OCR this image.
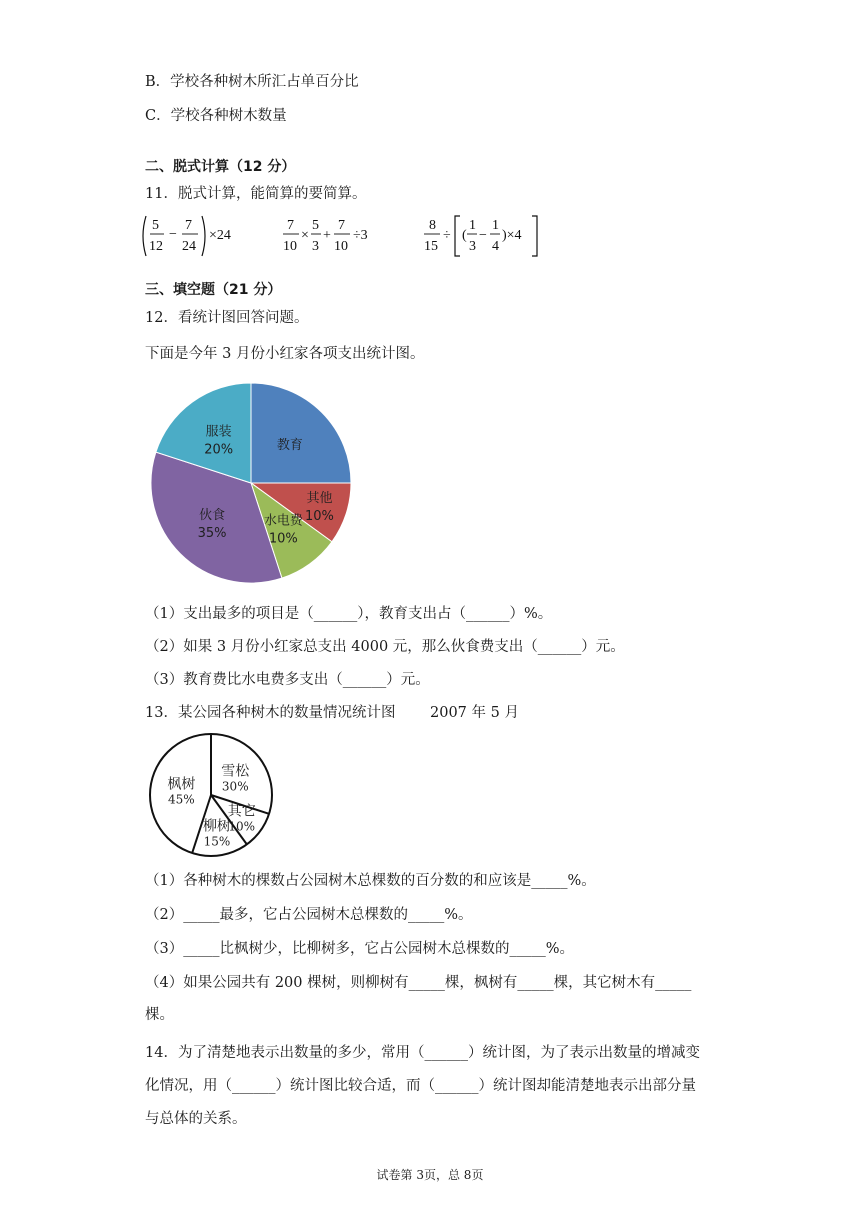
B．学校各种树木所汇占单百分比
C．学校各种树木数量
二、脱式计算（12 分）
11．脱式计算，能简算的要简算。
5
12
−
7
24
×24
7
10
×
5
3
+
7
10
÷3
8
15
÷ (
1
3
−
1
4
)×4
三、填空题（21 分）
12．看统计图回答问题。
下面是今年 3 月份小红家各项支出统计图。
教育
其他
10%
水电费
10%
伙食
35%
服装
20%
（1）支出最多的项目是（______），教育支出占（______）%。
（2）如果 3 月份小红家总支出 4000 元，那么伙食费支出（______）元。
（3）教育费比水电费多支出（______）元。
13．某公园各种树木的数量情况统计图 2007 年 5 月
雪松
30%
其它
10%
柳树
15%
枫树
45%
（1）各种树木的棵数占公园树木总棵数的百分数的和应该是_____%。
（2）_____最多，它占公园树木总棵数的_____%。
（3）_____比枫树少，比柳树多，它占公园树木总棵数的_____%。
（4）如果公园共有 200 棵树，则柳树有_____棵，枫树有_____棵，其它树木有_____
棵。
14．为了清楚地表示出数量的多少，常用（______）统计图，为了表示出数量的增减变
化情况，用（______）统计图比较合适，而（______）统计图却能清楚地表示出部分量
与总体的关系。
试卷第 3页，总 8页
